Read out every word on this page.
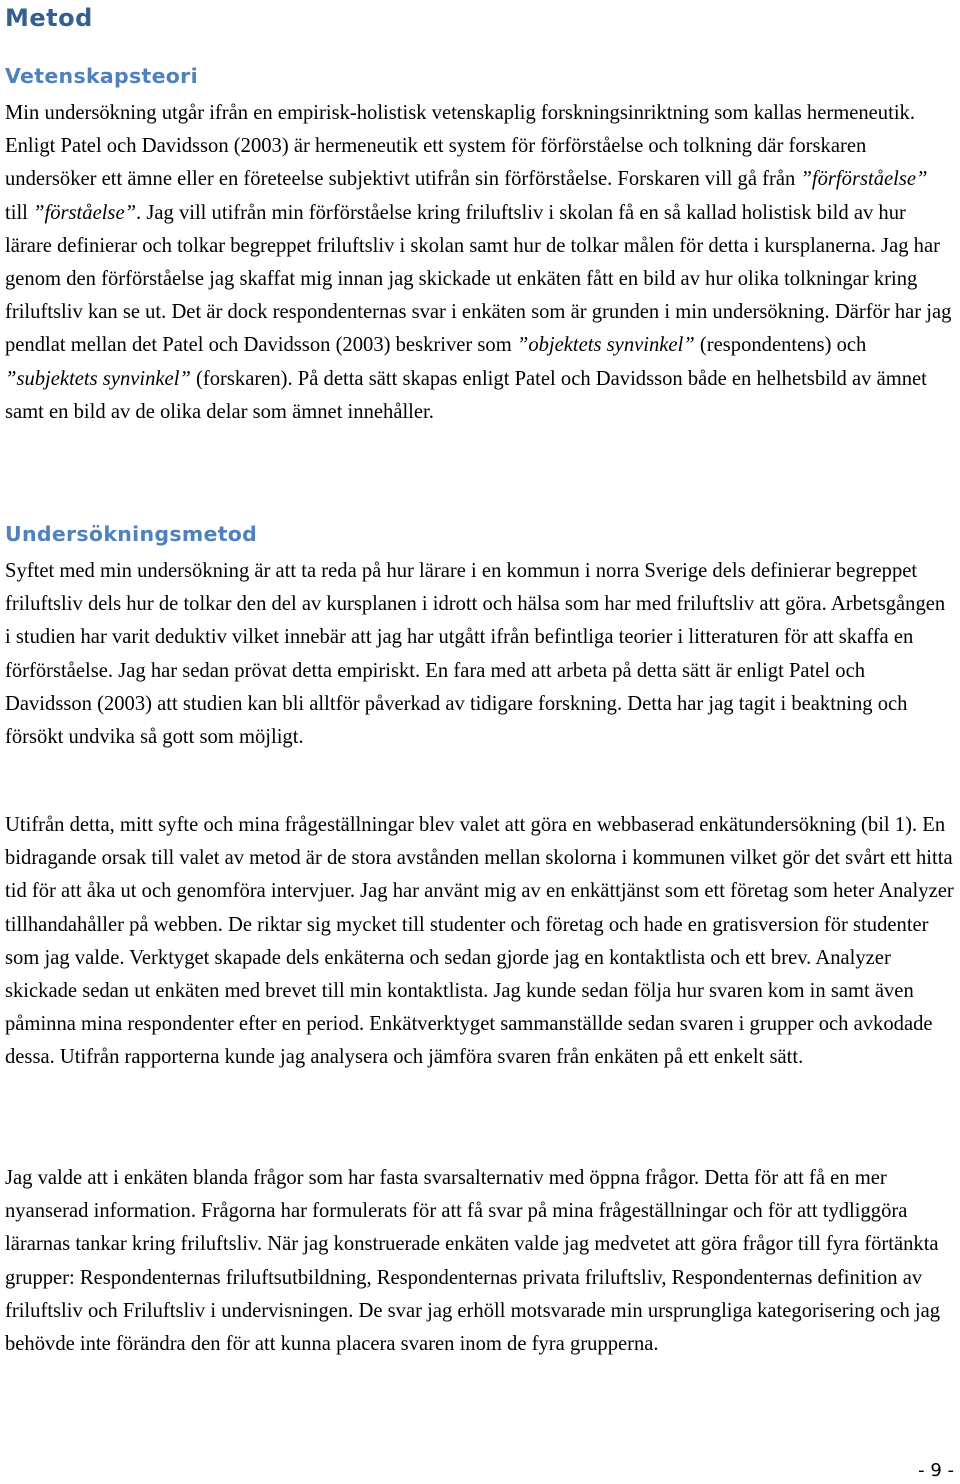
Metod
Vetenskapsteori

Min undersökning utgår ifrån en empirisk-holistisk vetenskaplig forskningsinriktning som kallas hermeneutik. Enligt Patel och Davidsson (2003) är hermeneutik ett system för förförståelse och tolkning där forskaren undersöker ett ämne eller en företeelse subjektivt utifrån sin förförståelse. Forskaren vill gå från ”förförståelse” till ”förståelse”. Jag vill utifrån min förförståelse kring friluftsliv i skolan få en så kallad holistisk bild av hur lärare definierar och tolkar begreppet friluftsliv i skolan samt hur de tolkar målen för detta i kursplanerna. Jag har genom den förförståelse jag skaffat mig innan jag skickade ut enkäten fått en bild av hur olika tolkningar kring friluftsliv kan se ut. Det är dock respondenternas svar i enkäten som är grunden i min undersökning. Därför har jag pendlat mellan det Patel och Davidsson (2003) beskriver som ”objektets synvinkel” (respondentens) och ”subjektets synvinkel” (forskaren). På detta sätt skapas enligt Patel och Davidsson både en helhetsbild av ämnet samt en bild av de olika delar som ämnet innehåller.

Undersökningsmetod

Syftet med min undersökning är att ta reda på hur lärare i en kommun i norra Sverige dels definierar begreppet friluftsliv dels hur de tolkar den del av kursplanen i idrott och hälsa som har med friluftsliv att göra. Arbetsgången i studien har varit deduktiv vilket innebär att jag har utgått ifrån befintliga teorier i litteraturen för att skaffa en förförståelse. Jag har sedan prövat detta empiriskt. En fara med att arbeta på detta sätt är enligt Patel och Davidsson (2003) att studien kan bli alltför påverkad av tidigare forskning. Detta har jag tagit i beaktning och försökt undvika så gott som möjligt.

Utifrån detta, mitt syfte och mina frågeställningar blev valet att göra en webbaserad enkätundersökning (bil 1). En bidragande orsak till valet av metod är de stora avstånden mellan skolorna i kommunen vilket gör det svårt ett hitta tid för att åka ut och genomföra intervjuer. Jag har använt mig av en enkättjänst som ett företag som heter Analyzer tillhandahåller på webben. De riktar sig mycket till studenter och företag och hade en gratisversion för studenter som jag valde. Verktyget skapade dels enkäterna och sedan gjorde jag en kontaktlista och ett brev. Analyzer skickade sedan ut enkäten med brevet till min kontaktlista. Jag kunde sedan följa hur svaren kom in samt även påminna mina respondenter efter en period. Enkätverktyget sammanställde sedan svaren i grupper och avkodade dessa. Utifrån rapporterna kunde jag analysera och jämföra svaren från enkäten på ett enkelt sätt.

Jag valde att i enkäten blanda frågor som har fasta svarsalternativ med öppna frågor. Detta för att få en mer nyanserad information. Frågorna har formulerats för att få svar på mina frågeställningar och för att tydliggöra lärarnas tankar kring friluftsliv. När jag konstruerade enkäten valde jag medvetet att göra frågor till fyra förtänkta grupper: Respondenternas friluftsutbildning, Respondenternas privata friluftsliv, Respondenternas definition av friluftsliv och Friluftsliv i undervisningen. De svar jag erhöll motsvarade min ursprungliga kategorisering och jag behövde inte förändra den för att kunna placera svaren inom de fyra grupperna.

- 9 -
